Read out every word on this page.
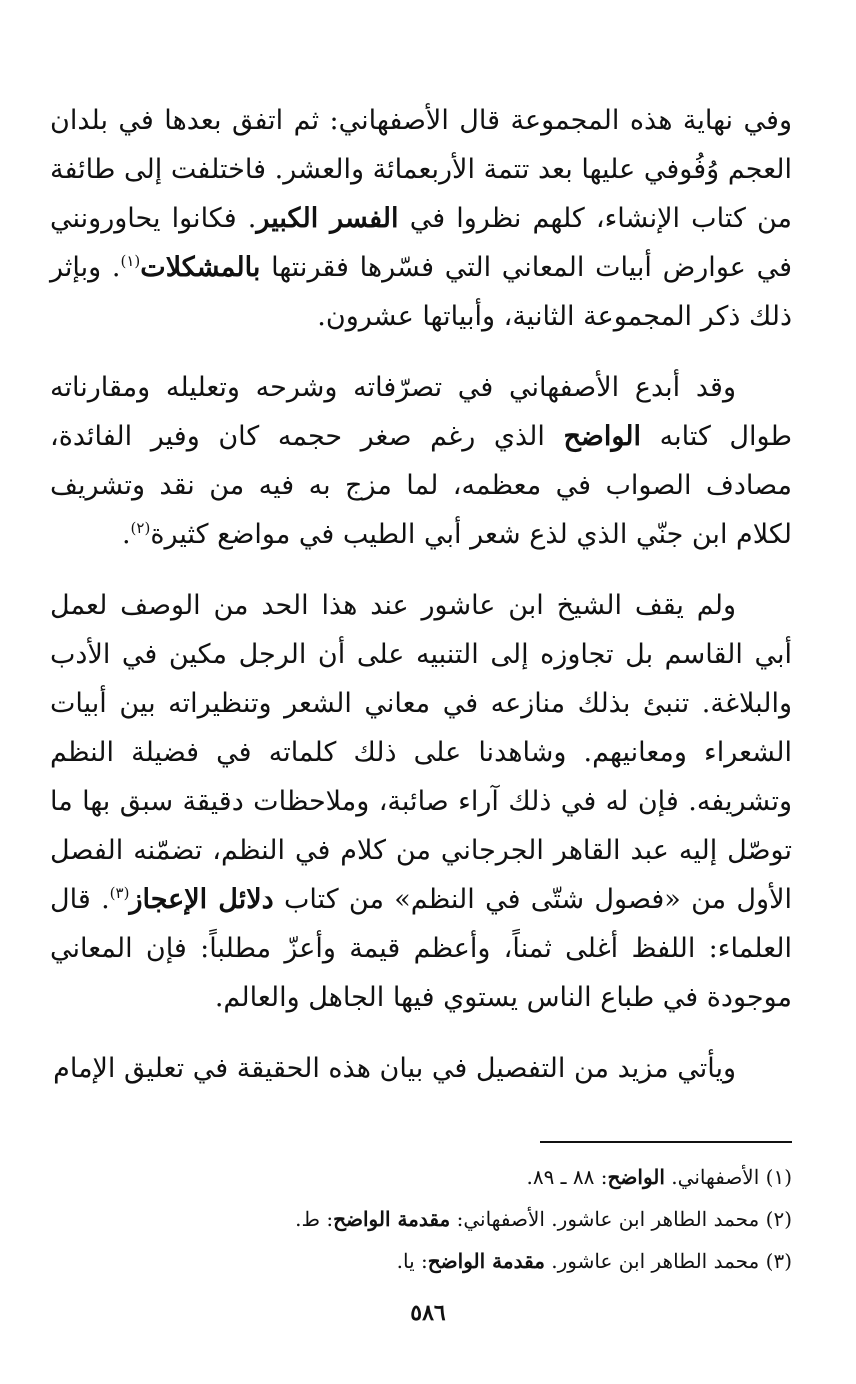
وفي نهاية هذه المجموعة قال الأصفهاني: ثم اتفق بعدها في بلدان العجم وُفُوفي عليها بعد تتمة الأربعمائة والعشر. فاختلفت إلى طائفة من كتاب الإنشاء، كلهم نظروا في الفسر الكبير. فكانوا يحاورونني في عوارض أبيات المعاني التي فسّرها فقرنتها بالمشكلات$^{(١)}$. وبإثر ذلك ذكر المجموعة الثانية، وأبياتها عشرون.

وقد أبدع الأصفهاني في تصرّفاته وشرحه وتعليله ومقارناته طوال كتابه الواضح الذي رغم صغر حجمه كان وفير الفائدة، مصادف الصواب في معظمه، لما مزج به فيه من نقد وتشريف لكلام ابن جنّي الذي لذع شعر أبي الطيب في مواضع كثيرة$^{(٢)}$.

ولم يقف الشيخ ابن عاشور عند هذا الحد من الوصف لعمل أبي القاسم بل تجاوزه إلى التنبيه على أن الرجل مكين في الأدب والبلاغة. تنبئ بذلك منازعه في معاني الشعر وتنظيراته بين أبيات الشعراء ومعانيهم. وشاهدنا على ذلك كلماته في فضيلة النظم وتشريفه. فإن له في ذلك آراء صائبة، وملاحظات دقيقة سبق بها ما توصّل إليه عبد القاهر الجرجاني من كلام في النظم، تضمّنه الفصل الأول من «فصول شتّى في النظم» من كتاب دلائل الإعجاز$^{(٣)}$. قال العلماء: اللفظ أغلى ثمناً، وأعظم قيمة وأعزّ مطلباً: فإن المعاني موجودة في طباع الناس يستوي فيها الجاهل والعالم.

ويأتي مزيد من التفصيل في بيان هذه الحقيقة في تعليق الإمام

(١) الأصفهاني. الواضح: ٨٨ ـ ٨٩.

(٢) محمد الطاهر ابن عاشور. الأصفهاني: مقدمة الواضح: ط.

(٣) محمد الطاهر ابن عاشور. مقدمة الواضح: يا.

٥٨٦
